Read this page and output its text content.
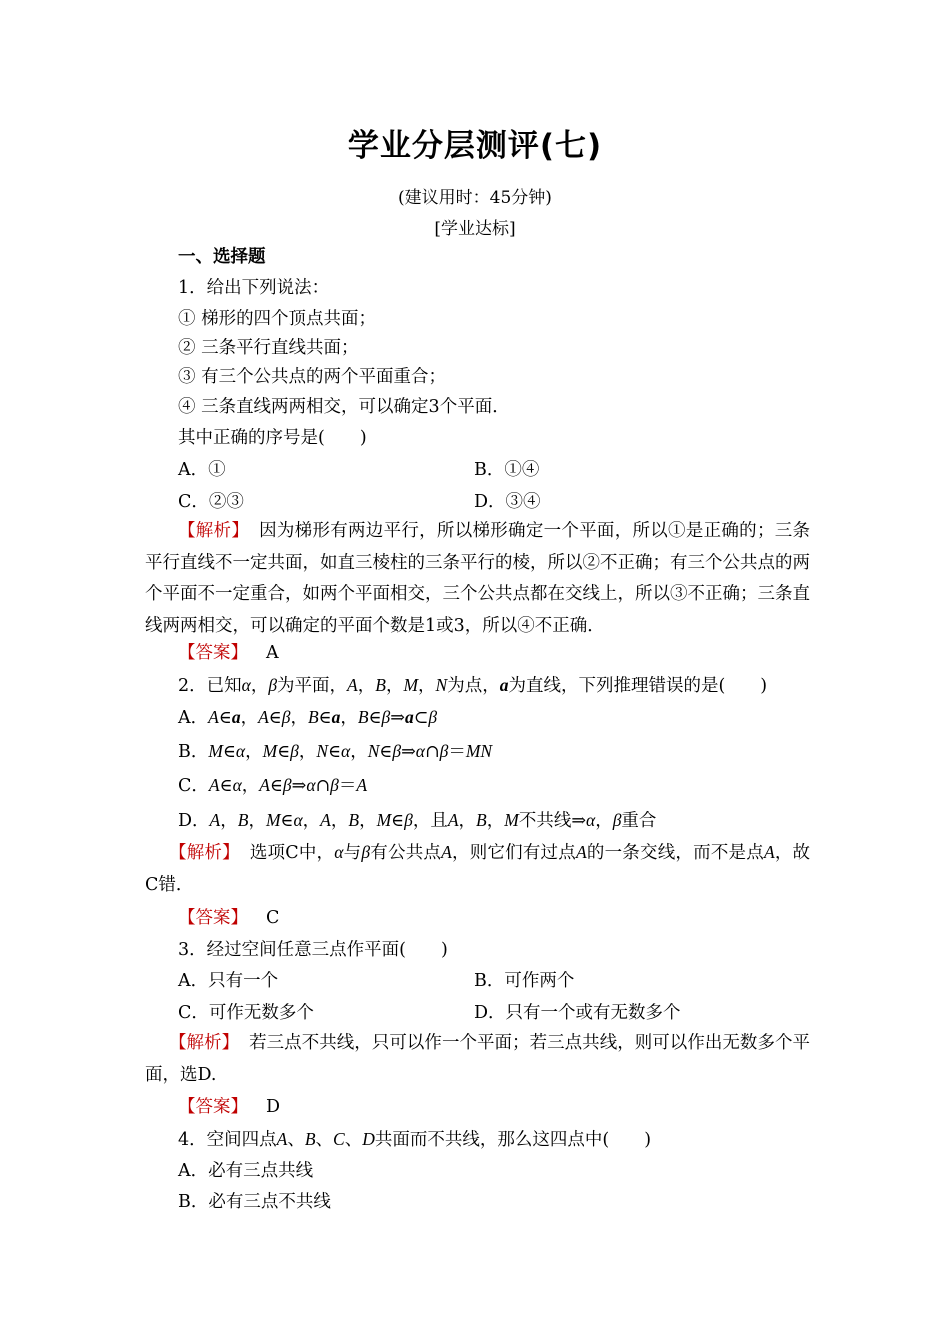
学业分层测评(七)
(建议用时：45分钟)
[学业达标]
一、选择题
1．给出下列说法：
① 梯形的四个顶点共面；
② 三条平行直线共面；
③ 有三个公共点的两个平面重合；
④ 三条直线两两相交，可以确定3个平面．
其中正确的序号是(　　)
A．①	B．①④
C．②③	D．③④
【解析】 因为梯形有两边平行，所以梯形确定一个平面，所以①是正确的；三条平行直线不一定共面，如直三棱柱的三条平行的棱，所以②不正确；有三个公共点的两个平面不一定重合，如两个平面相交，三个公共点都在交线上，所以③不正确；三条直线两两相交，可以确定的平面个数是1或3，所以④不正确．
【答案】 A
2．已知α，β为平面，A，B，M，N为点，a为直线，下列推理错误的是(　　)
A．A∈a，A∈β，B∈a，B∈β⇒a⊂β
B．M∈α，M∈β，N∈α，N∈β⇒α∩β＝MN
C．A∈α，A∈β⇒α∩β＝A
D．A，B，M∈α，A，B，M∈β，且A，B，M不共线⇒α，β重合
【解析】 选项C中，α与β有公共点A，则它们有过点A的一条交线，而不是点A，故C错．
【答案】 C
3．经过空间任意三点作平面(　　)
A．只有一个	B．可作两个
C．可作无数多个	D．只有一个或有无数多个
【解析】 若三点不共线，只可以作一个平面；若三点共线，则可以作出无数多个平面，选D.
【答案】 D
4．空间四点A、B、C、D共面而不共线，那么这四点中(　　)
A．必有三点共线
B．必有三点不共线
